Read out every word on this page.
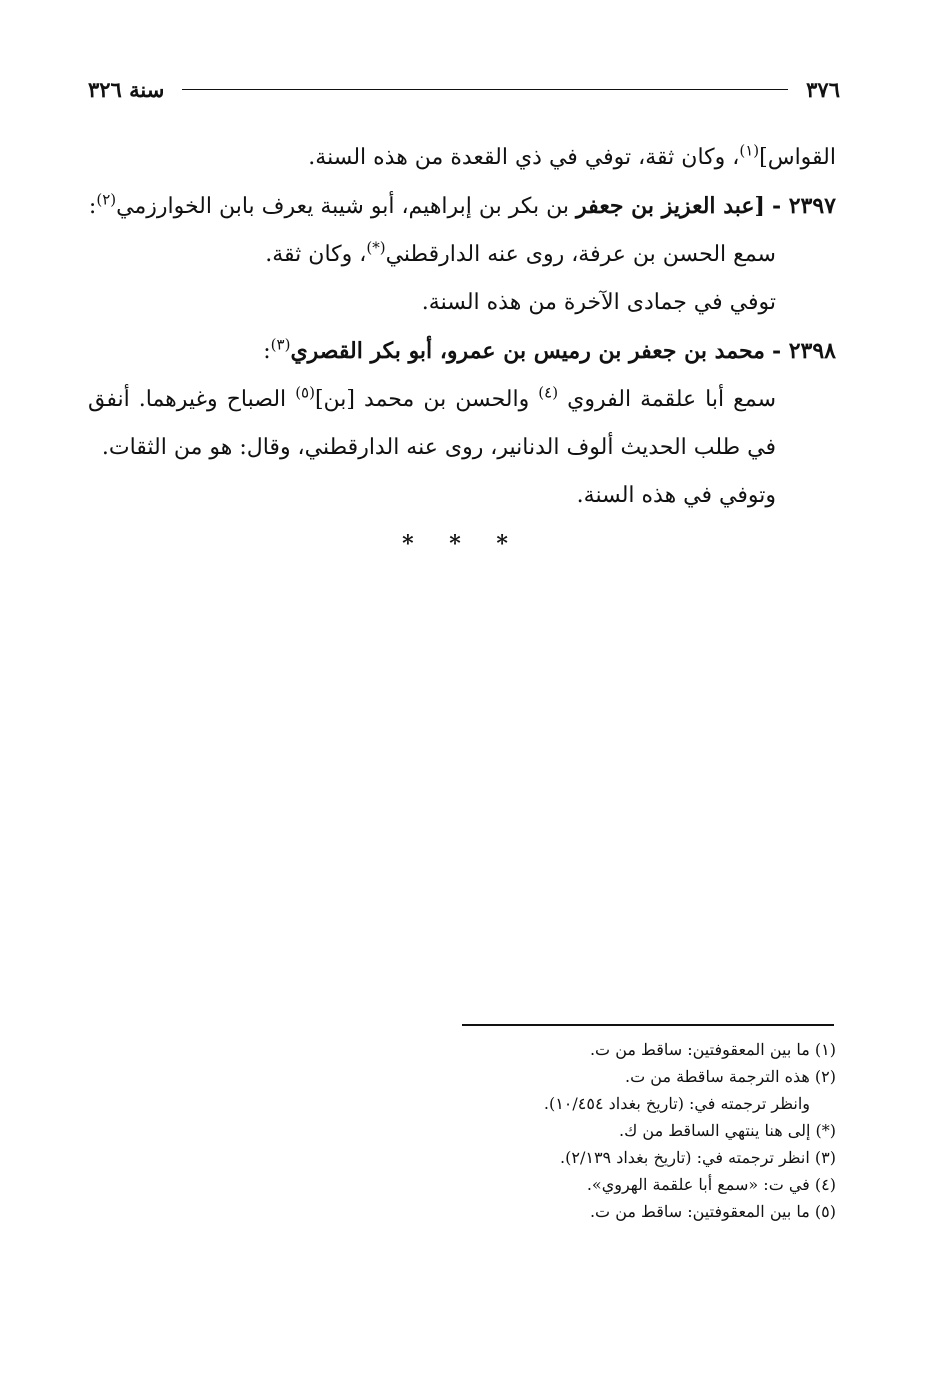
٣٧٦
سنة ٣٢٦

القواس]$^{(١)}$، وكان ثقة، توفي في ذي القعدة من هذه السنة.

٢٣٩٧ - [عبد العزيز بن جعفر بن بكر بن إبراهيم، أبو شيبة يعرف بابن الخوارزمي$^{(٢)}$:

سمع الحسن بن عرفة، روى عنه الدارقطني(*)، وكان ثقة.

توفي في جمادى الآخرة من هذه السنة.

٢٣٩٨ - محمد بن جعفر بن رميس بن عمرو، أبو بكر القصري$^{(٣)}$:

سمع أبا علقمة الفروي $^{(٤)}$ والحسن بن محمد [بن]$^{(٥)}$ الصباح وغيرهما. أنفق في طلب الحديث ألوف الدنانير، روى عنه الدارقطني، وقال: هو من الثقات.

وتوفي في هذه السنة.

* * *

(١) ما بين المعقوفتين: ساقط من ت.

(٢) هذه الترجمة ساقطة من ت.

وانظر ترجمته في: (تاريخ بغداد ١٠/٤٥٤).

(*) إلى هنا ينتهي الساقط من ك.

(٣) انظر ترجمته في: (تاريخ بغداد ٢/١٣٩).

(٤) في ت: «سمع أبا علقمة الهروي».

(٥) ما بين المعقوفتين: ساقط من ت.
